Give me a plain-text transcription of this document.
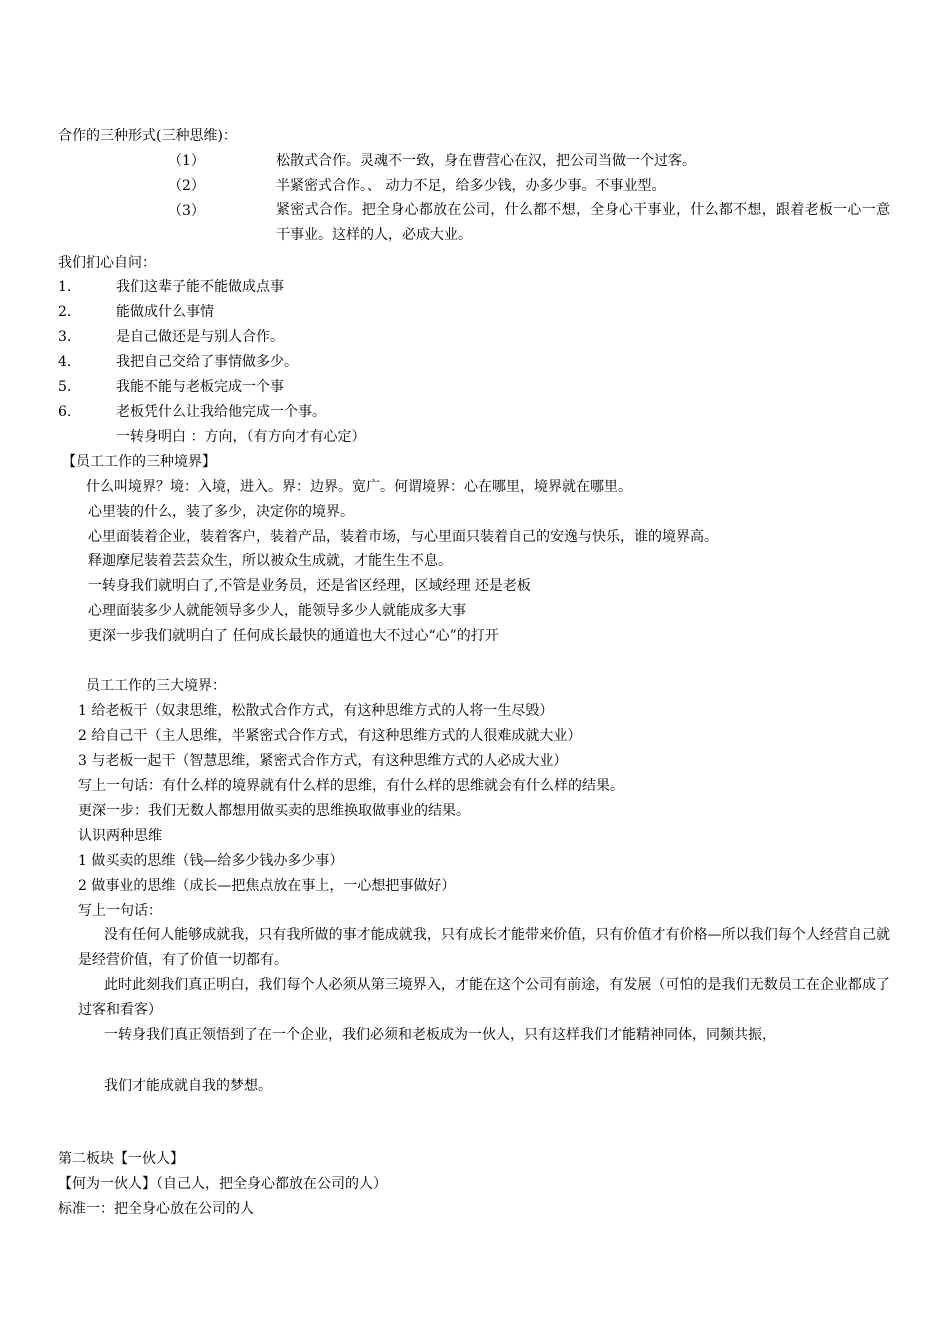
合作的三种形式(三种思维)：
（1）	松散式合作。灵魂不一致，身在曹营心在汉，把公司当做一个过客。
（2）	半紧密式合作。、 动力不足，给多少钱，办多少事。不事业型。
（3）	紧密式合作。把全身心都放在公司，什么都不想，全身心干事业，什么都不想，跟着老板一心一意干事业。这样的人，必成大业。
我们扪心自问：
1.	我们这辈子能不能做成点事
2.	能做成什么事情
3.	是自己做还是与别人合作。
4.	我把自己交给了事情做多少。
5.	我能不能与老板完成一个事
6.	老板凭什么让我给他完成一个事。
一转身明白 ：方向，（有方向才有心定）
【员工工作的三种境界】
什么叫境界？境：入境，进入。界：边界。宽广。何谓境界：心在哪里，境界就在哪里。
心里装的什么，装了多少，决定你的境界。
心里面装着企业，装着客户，装着产品，装着市场，与心里面只装着自己的安逸与快乐，谁的境界高。
释迦摩尼装着芸芸众生，所以被众生成就，才能生生不息。
一转身我们就明白了,不管是业务员，还是省区经理，区域经理 还是老板
心理面装多少人就能领导多少人，能领导多少人就能成多大事
更深一步我们就明白了 任何成长最快的通道也大不过心“心”的打开
员工工作的三大境界：
1 给老板干（奴隶思维，松散式合作方式，有这种思维方式的人将一生尽毁）
2 给自己干（主人思维，半紧密式合作方式，有这种思维方式的人很难成就大业）
3 与老板一起干（智慧思维，紧密式合作方式，有这种思维方式的人必成大业）
写上一句话：有什么样的境界就有什么样的思维，有什么样的思维就会有什么样的结果。
更深一步：我们无数人都想用做买卖的思维换取做事业的结果。
认识两种思维
1 做买卖的思维（钱—给多少钱办多少事）
2 做事业的思维（成长—把焦点放在事上，一心想把事做好）
写上一句话：
没有任何人能够成就我，只有我所做的事才能成就我，只有成长才能带来价值，只有价值才有价格—所以我们每个人经营自己就是经营价值，有了价值一切都有。
此时此刻我们真正明白，我们每个人必须从第三境界入，才能在这个公司有前途，有发展（可怕的是我们无数员工在企业都成了过客和看客）
一转身我们真正领悟到了在一个企业，我们必须和老板成为一伙人，只有这样我们才能精神同体，同频共振，
我们才能成就自我的梦想。
第二板块【一伙人】
【何为一伙人】（自己人，把全身心都放在公司的人）
标准一：把全身心放在公司的人
